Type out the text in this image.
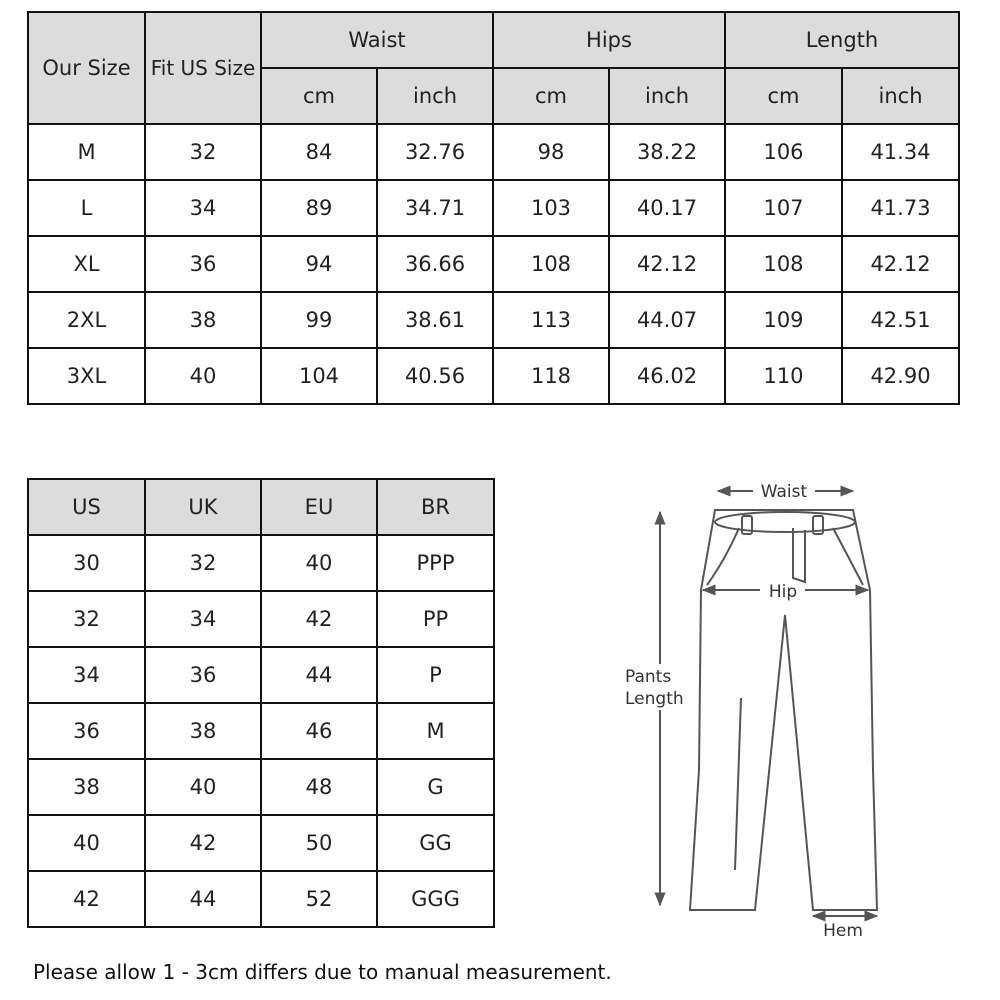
Our Size	Fit US Size	Waist		Hips		Length	
		cm	inch	cm	inch	cm	inch
M	32	84	32.76	98	38.22	106	41.34
L	34	89	34.71	103	40.17	107	41.73
XL	36	94	36.66	108	42.12	108	42.12
2XL	38	99	38.61	113	44.07	109	42.51
3XL	40	104	40.56	118	46.02	110	42.90
US	UK	EU	BR
30	32	40	PPP
32	34	42	PP
34	36	44	P
36	38	46	M
38	40	48	G
40	42	50	GG
42	44	52	GGG
Waist
Hip
Pants
Length
Hem
Please allow 1 - 3cm differs due to manual measurement.
